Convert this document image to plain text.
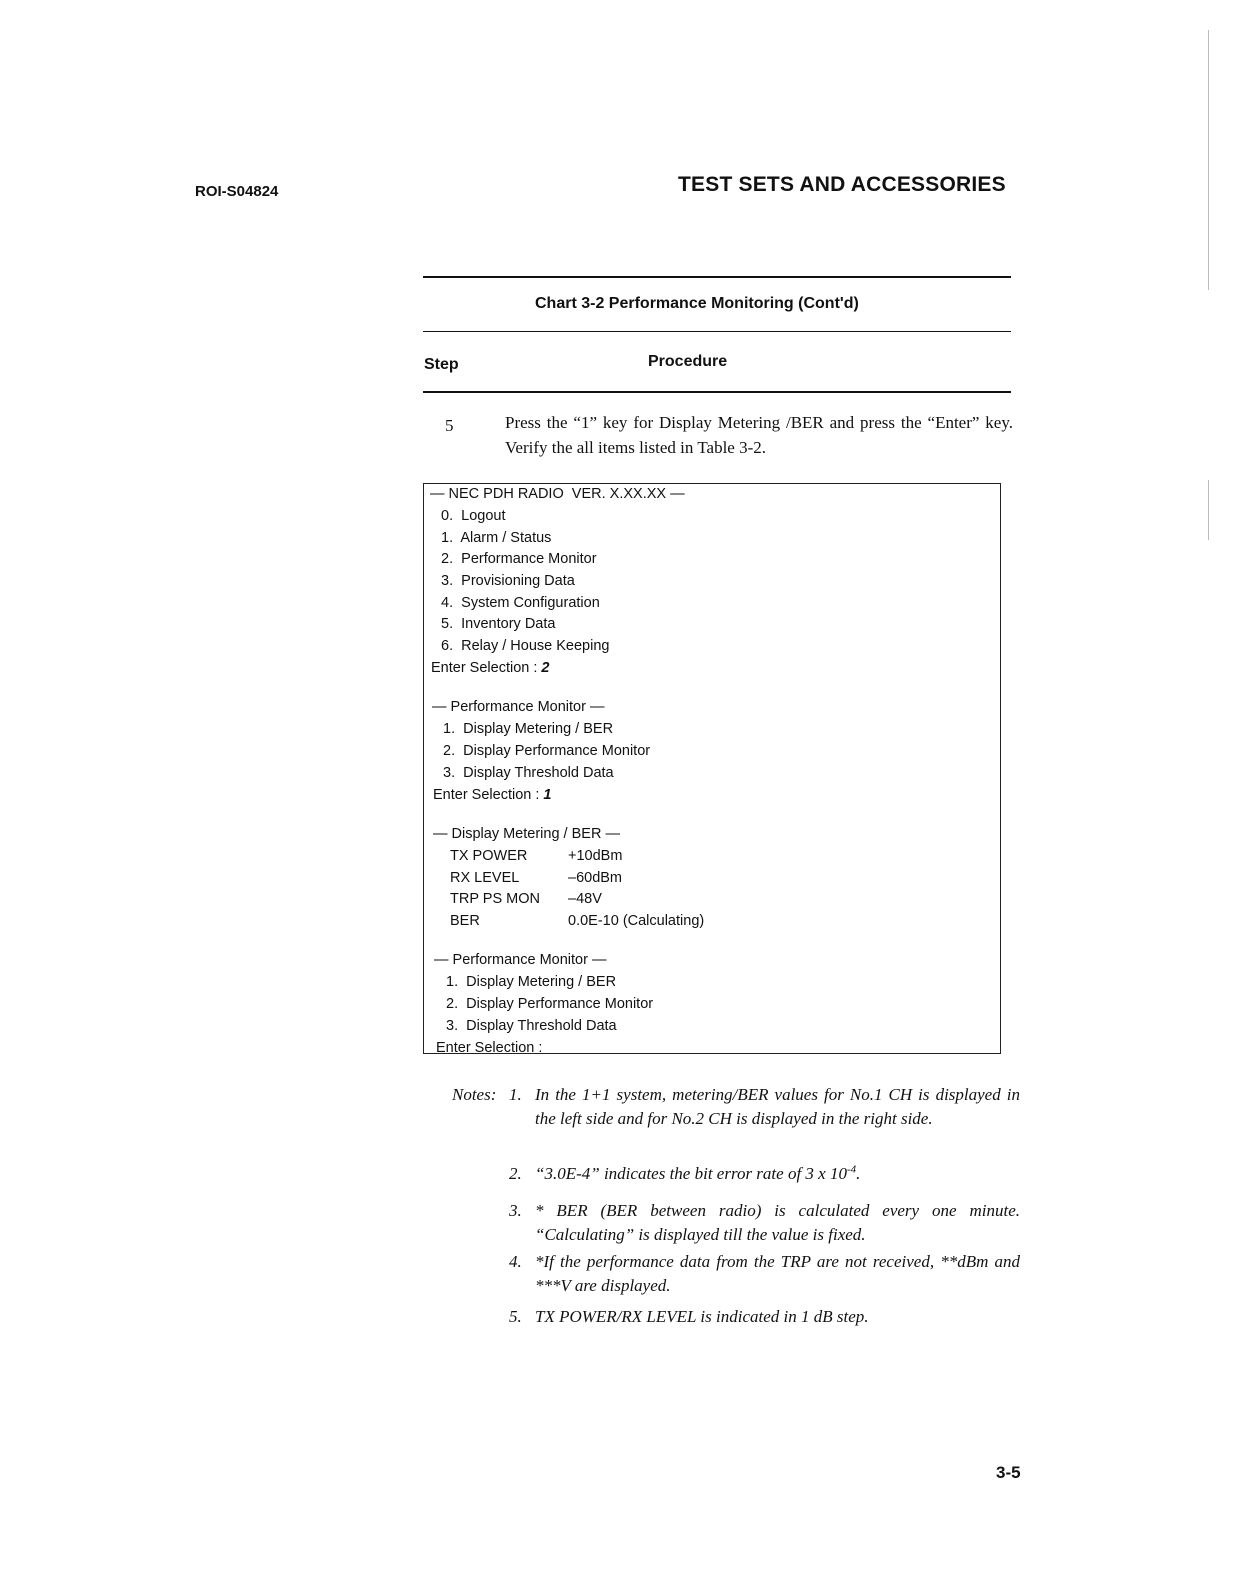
ROI-S04824	TEST SETS AND ACCESSORIES
Chart 3-2 Performance Monitoring (Cont'd)
Step	Procedure
5	Press the “1” key for Display Metering /BER and press the “Enter” key. Verify the all items listed in Table 3-2.
— NEC PDH RADIO  VER. X.XX.XX —
0.  Logout
1.  Alarm / Status
2.  Performance Monitor
3.  Provisioning Data
4.  System Configuration
5.  Inventory Data
6.  Relay / House Keeping
Enter Selection : 2
— Performance Monitor —
1.  Display Metering / BER
2.  Display Performance Monitor
3.  Display Threshold Data
Enter Selection : 1
— Display Metering / BER —
TX POWER	+10dBm
RX LEVEL	–60dBm
TRP PS MON –48V
BER	0.0E-10 (Calculating)
— Performance Monitor —
1.  Display Metering / BER
2.  Display Performance Monitor
3.  Display Threshold Data
Enter Selection :
Notes: 1. In the 1+1 system, metering/BER values for No.1 CH is displayed in the left side and for No.2 CH is displayed in the right side.
2. “3.0E-4” indicates the bit error rate of 3 x $10^{-4}$.
3. * BER (BER between radio) is calculated every one minute. “Calculating” is displayed till the value is fixed.
4. *If the performance data from the TRP are not received, **dBm and ***V are displayed.
5. TX POWER/RX LEVEL is indicated in 1 dB step.
3-5
